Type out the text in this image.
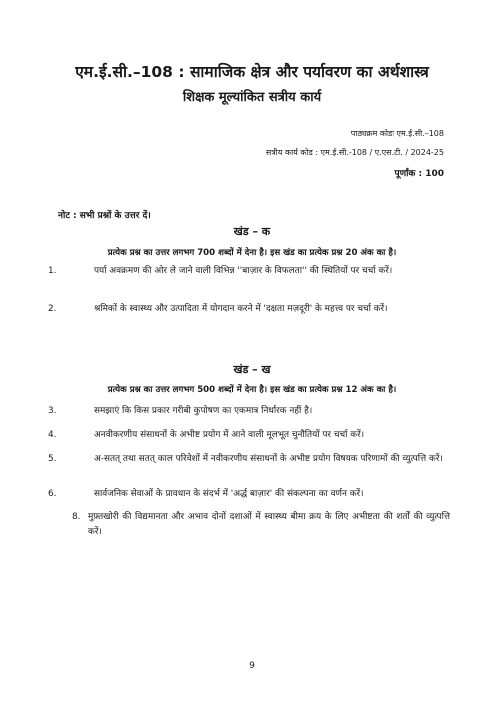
एम.ई.सी.–108 : सामाजिक क्षेत्र और पर्यावरण का अर्थशास्त्र
शिक्षक मूल्यांकित सत्रीय कार्य
पाठ्यक्रम कोडः एम.ई.सी.–108
सत्रीय कार्य कोड : एम.ई.सी.-108 / ए.एस.टी. / 2024-25
पूर्णांक : 100
नोट : सभी प्रश्नों के उत्तर दें।
खंड – क
प्रत्येक प्रश्न का उत्तर लगभग 700 शब्दों में देना है। इस खंड का प्रत्येक प्रश्न 20 अंक का है।
1.	पर्या अवक्रमण की ओर ले जाने वाली विभिन्न ''बाज़ार के विफलता'' की स्थितियों पर चर्चा करें।
2.	श्रमिकों के स्वास्थ्य और उत्पादिता में योगदान करने में 'दक्षता मज़दूरी' के महत्त्व पर चर्चा करें।
खंड – ख
प्रत्येक प्रश्न का उत्तर लगभग 500 शब्दों में देना है। इस खंड का प्रत्येक प्रश्न 12 अंक का है।
3.	समझाएं कि किस प्रकार गरीबी कुपोषण का एकमात्र निर्धारक नहीं है।
4.	अनवीकरणीय संसाधनों के अभीष्ट प्रयोग में आने वाली मूलभूत चुनौतियों पर चर्चा करें।
5.	अ-सतत् तथा सतत् काल परिवेशों में नवीकरणीय संसाधनों के अभीष्ट प्रयोग विषयक परिणामों की व्युत्पत्ति करें।
6.	सार्वजनिक सेवाओं के प्रावधान के संदर्भ में 'अर्द्ध बाज़ार' की संकल्पना का वर्णन करें।
8. मुफ़्तखोरी की विद्यमानता और अभाव दोनों दशाओं में स्वास्थ्य बीमा क्रय के लिए अभीष्टता की शर्तों की व्युत्पत्ति करें।
9
